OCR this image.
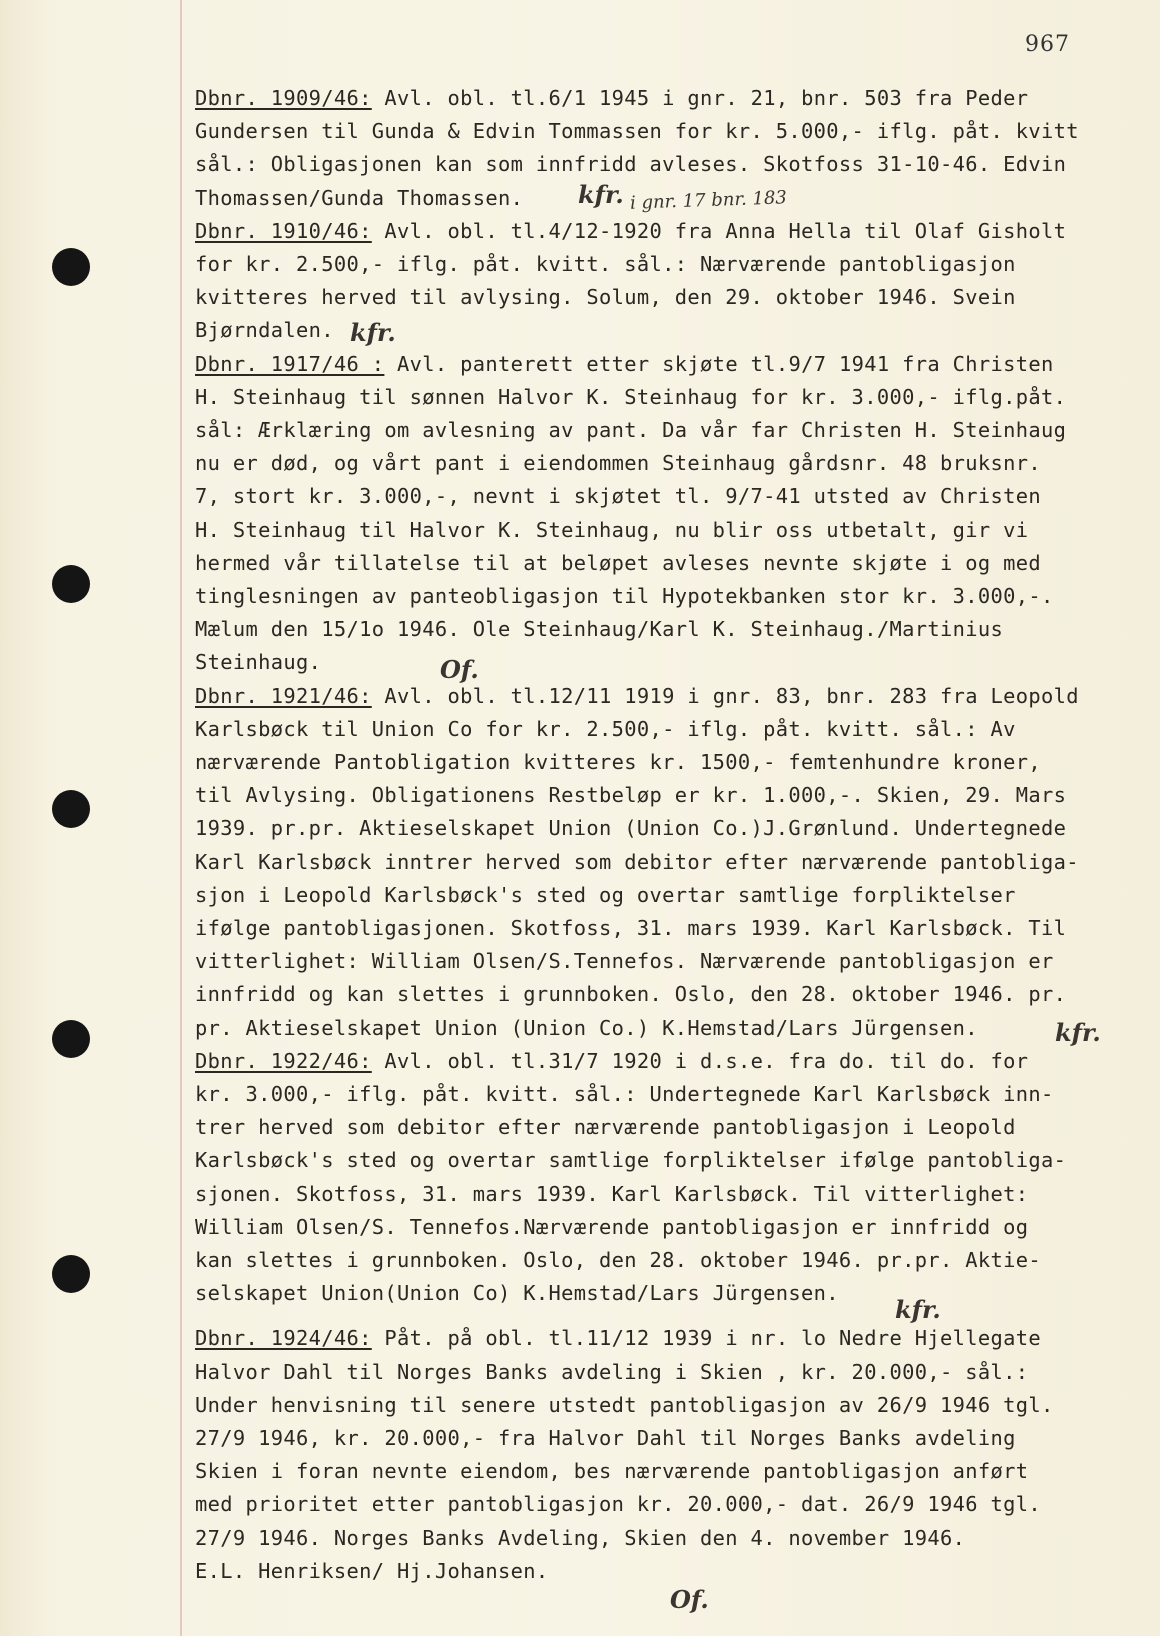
967
Dbnr. 1909/46: Avl. obl. tl.6/1 1945 i gnr. 21, bnr. 503 fra Peder
Gundersen til Gunda & Edvin Tommassen for kr. 5.000,- iflg. påt. kvitt
sål.: Obligasjonen kan som innfridd avleses. Skotfoss 31-10-46. Edvin
Thomassen/Gunda Thomassen.
Dbnr. 1910/46: Avl. obl. tl.4/12-1920 fra Anna Hella til Olaf Gisholt
for kr. 2.500,- iflg. påt. kvitt. sål.: Nærværende pantobligasjon
kvitteres herved til avlysing. Solum, den 29. oktober 1946. Svein
Bjørndalen.
Dbnr. 1917/46 : Avl. panterett etter skjøte tl.9/7 1941 fra Christen
H. Steinhaug til sønnen Halvor K. Steinhaug for kr. 3.000,- iflg.påt.
sål: Ærklæring om avlesning av pant. Da vår far Christen H. Steinhaug
nu er død, og vårt pant i eiendommen Steinhaug gårdsnr. 48 bruksnr.
7, stort kr. 3.000,-, nevnt i skjøtet tl. 9/7-41 utsted av Christen
H. Steinhaug til Halvor K. Steinhaug, nu blir oss utbetalt, gir vi
hermed vår tillatelse til at beløpet avleses nevnte skjøte i og med
tinglesningen av panteobligasjon til Hypotekbanken stor kr. 3.000,-.
Mælum den 15/1o 1946. Ole Steinhaug/Karl K. Steinhaug./Martinius
Steinhaug.
Dbnr. 1921/46: Avl. obl. tl.12/11 1919 i gnr. 83, bnr. 283 fra Leopold
Karlsbøck til Union Co for kr. 2.500,- iflg. påt. kvitt. sål.: Av
nærværende Pantobligation kvitteres kr. 1500,- femtenhundre kroner,
til Avlysing. Obligationens Restbeløp er kr. 1.000,-. Skien, 29. Mars
1939. pr.pr. Aktieselskapet Union (Union Co.)J.Grønlund. Undertegnede
Karl Karlsbøck inntrer herved som debitor efter nærværende pantobliga-
sjon i Leopold Karlsbøck's sted og overtar samtlige forpliktelser
ifølge pantobligasjonen. Skotfoss, 31. mars 1939. Karl Karlsbøck. Til
vitterlighet: William Olsen/S.Tennefos. Nærværende pantobligasjon er
innfridd og kan slettes i grunnboken. Oslo, den 28. oktober 1946. pr.
pr. Aktieselskapet Union (Union Co.) K.Hemstad/Lars Jürgensen.
Dbnr. 1922/46: Avl. obl. tl.31/7 1920 i d.s.e. fra do. til do. for
kr. 3.000,- iflg. påt. kvitt. sål.: Undertegnede Karl Karlsbøck inn-
trer herved som debitor efter nærværende pantobligasjon i Leopold
Karlsbøck's sted og overtar samtlige forpliktelser ifølge pantobliga-
sjonen. Skotfoss, 31. mars 1939. Karl Karlsbøck. Til vitterlighet:
William Olsen/S. Tennefos.Nærværende pantobligasjon er innfridd og
kan slettes i grunnboken. Oslo, den 28. oktober 1946. pr.pr. Aktie-
selskapet Union(Union Co) K.Hemstad/Lars Jürgensen.
Dbnr. 1924/46: Påt. på obl. tl.11/12 1939 i nr. lo Nedre Hjellegate
Halvor Dahl til Norges Banks avdeling i Skien , kr. 20.000,- sål.:
Under henvisning til senere utstedt pantobligasjon av 26/9 1946 tgl.
27/9 1946, kr. 20.000,- fra Halvor Dahl til Norges Banks avdeling
Skien i foran nevnte eiendom, bes nærværende pantobligasjon anført
med prioritet etter pantobligasjon kr. 20.000,- dat. 26/9 1946 tgl.
27/9 1946. Norges Banks Avdeling, Skien den 4. november 1946.
E.L. Henriksen/ Hj.Johansen.
i gnr. 17 bnr. 183
kfr.
kfr.
Of.
kfr.
kfr.
Of.
